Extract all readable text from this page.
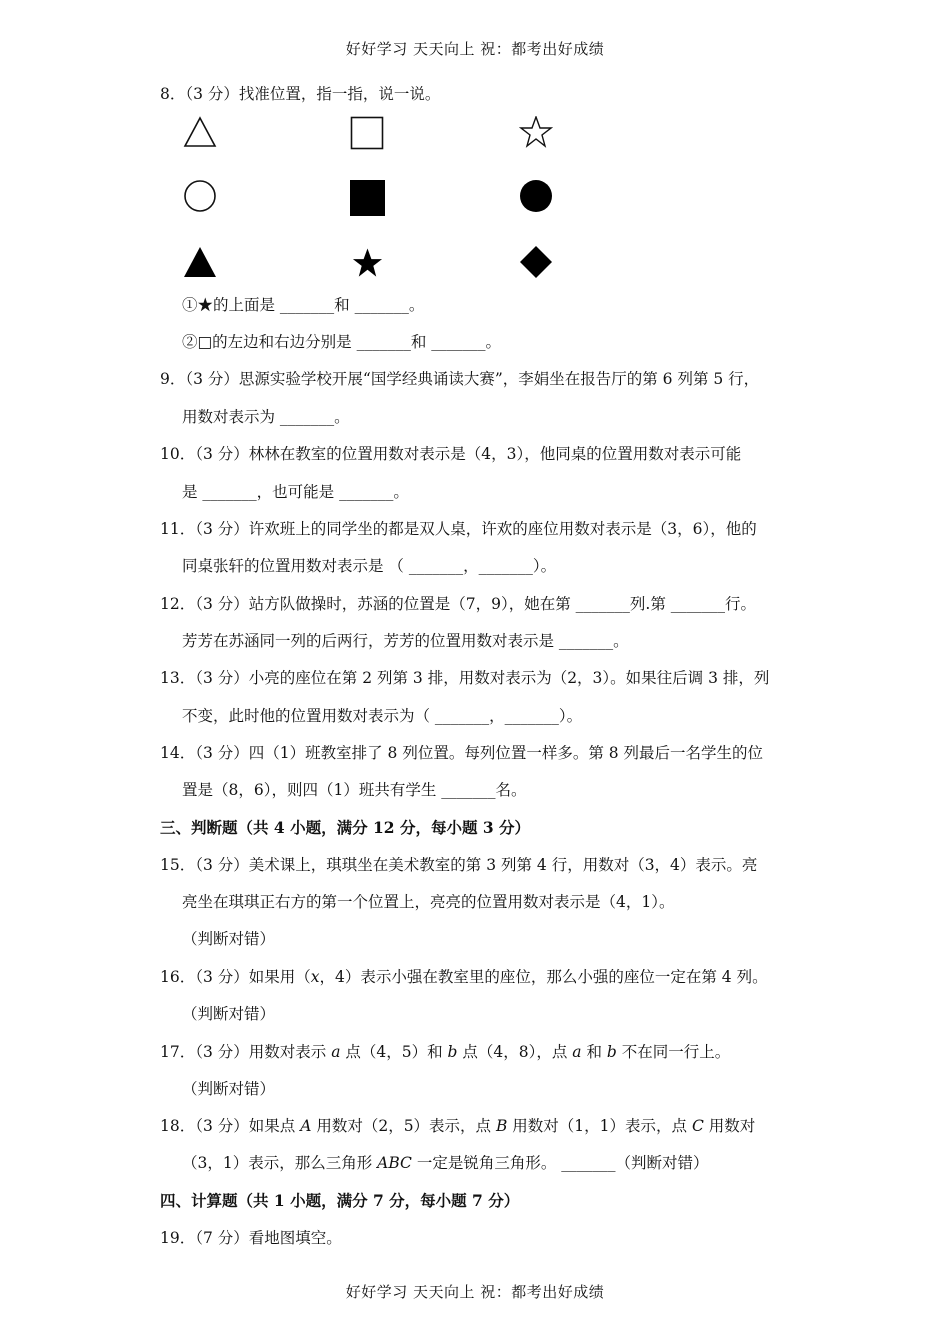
好好学习 天天向上 祝：都考出好成绩
8．（3 分）找准位置，指一指，说一说。
①★的上面是 _______和 _______。
②□的左边和右边分别是 _______和 _______。
9．（3 分）思源实验学校开展“国学经典诵读大赛”，李娟坐在报告厅的第 6 列第 5 行，
用数对表示为 _______。
10．（3 分）林林在教室的位置用数对表示是（4，3），他同桌的位置用数对表示可能
是 _______，也可能是 _______。
11．（3 分）许欢班上的同学坐的都是双人桌，许欢的座位用数对表示是（3，6），他的
同桌张轩的位置用数对表示是 （ _______，_______）。
12．（3 分）站方队做操时，苏涵的位置是（7，9），她在第 _______列.第 _______行。
芳芳在苏涵同一列的后两行，芳芳的位置用数对表示是 _______。
13．（3 分）小亮的座位在第 2 列第 3 排，用数对表示为（2，3）。如果往后调 3 排，列
不变，此时他的位置用数对表示为（ _______，_______）。
14．（3 分）四（1）班教室排了 8 列位置。每列位置一样多。第 8 列最后一名学生的位
置是（8，6），则四（1）班共有学生 _______名。
三、判断题（共 4 小题，满分 12 分，每小题 3 分）
15．（3 分）美术课上，琪琪坐在美术教室的第 3 列第 4 行，用数对（3，4）表示。亮
亮坐在琪琪正右方的第一个位置上，亮亮的位置用数对表示是（4，1）。
（判断对错）
16．（3 分）如果用（x，4）表示小强在教室里的座位，那么小强的座位一定在第 4 列。
（判断对错）
17．（3 分）用数对表示 a 点（4，5）和 b 点（4，8），点 a 和 b 不在同一行上。
（判断对错）
18．（3 分）如果点 A 用数对（2，5）表示，点 B 用数对（1，1）表示，点 C 用数对
（3，1）表示，那么三角形 ABC 一定是锐角三角形。 _______（判断对错）
四、计算题（共 1 小题，满分 7 分，每小题 7 分）
19．（7 分）看地图填空。
好好学习 天天向上 祝：都考出好成绩
